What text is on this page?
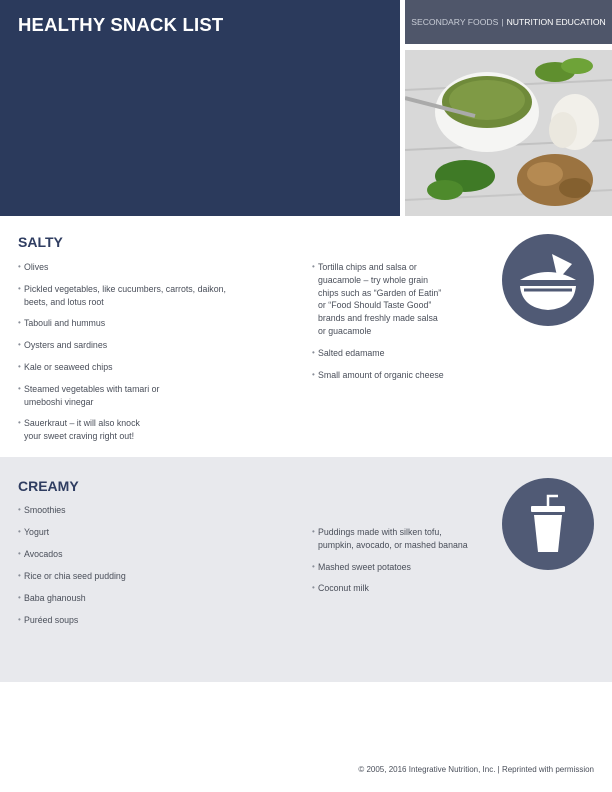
HEALTHY SNACK LIST	SECONDARY FOODS | NUTRITION EDUCATION
SALTY
• Olives
• Pickled vegetables, like cucumbers, carrots, daikon,
beets, and lotus root
• Tabouli and hummus
• Oysters and sardines
• Kale or seaweed chips
• Steamed vegetables with tamari or
umeboshi vinegar
• Sauerkraut – it will also knock
your sweet craving right out!
• Tortilla chips and salsa or
guacamole – try whole grain
chips such as “Garden of Eatin”
or “Food Should Taste Good”
brands and freshly made salsa
or guacamole
• Salted edamame
• Small amount of organic cheese
CREAMY
• Smoothies
• Yogurt
• Avocados
• Rice or chia seed pudding
• Baba ghanoush
• Puréed soups
• Puddings made with silken tofu,
pumpkin, avocado, or mashed banana
• Mashed sweet potatoes
• Coconut milk
© 2005, 2016 Integrative Nutrition, Inc. | Reprinted with permission
